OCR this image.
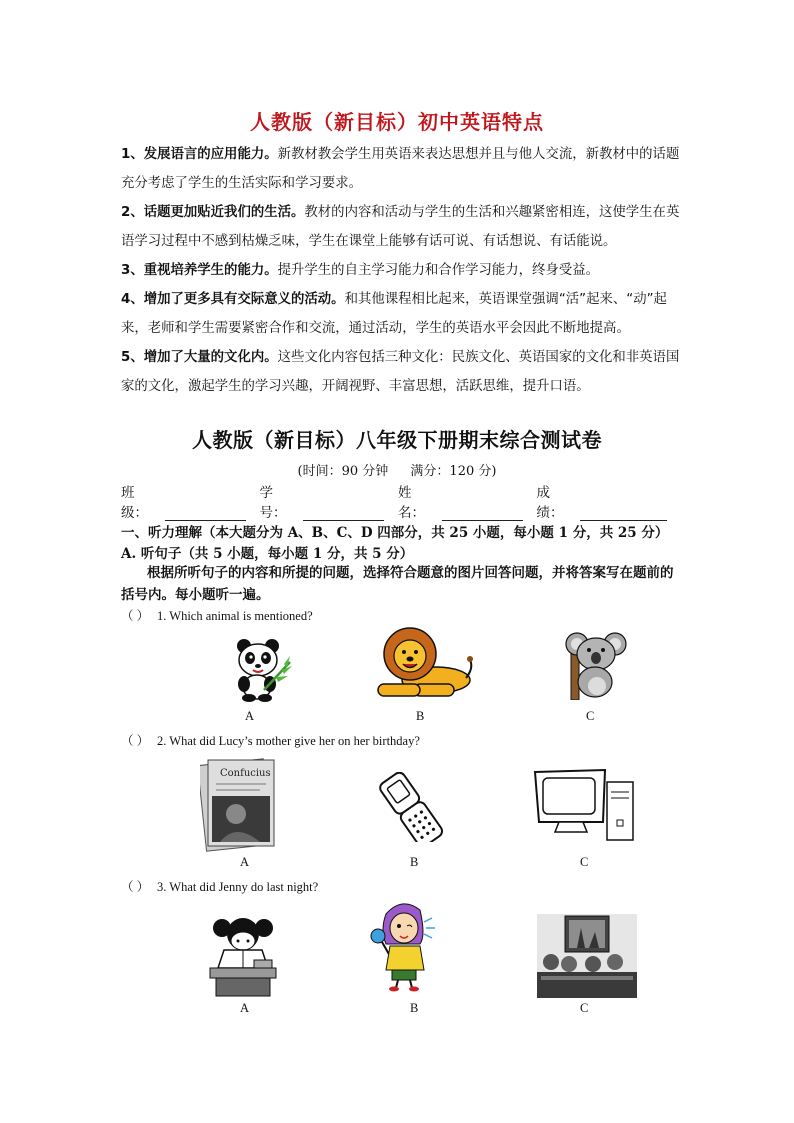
人教版（新目标）初中英语特点
1、发展语言的应用能力。新教材教会学生用英语来表达思想并且与他人交流，新教材中的话题充分考虑了学生的生活实际和学习要求。
2、话题更加贴近我们的生活。教材的内容和活动与学生的生活和兴趣紧密相连，这使学生在英语学习过程中不感到枯燥乏味，学生在课堂上能够有话可说、有话想说、有话能说。
3、重视培养学生的能力。提升学生的自主学习能力和合作学习能力，终身受益。
4、增加了更多具有交际意义的活动。和其他课程相比起来，英语课堂强调“活”起来、“动”起来，老师和学生需要紧密合作和交流，通过活动，学生的英语水平会因此不断地提高。
5、增加了大量的文化内。这些文化内容包括三种文化：民族文化、英语国家的文化和非英语国家的文化，激起学生的学习兴趣，开阔视野、丰富思想，活跃思维，提升口语。
人教版（新目标）八年级下册期末综合测试卷
(时间：90 分钟 满分：120 分)
班级：
学号：
姓名：
成绩：
一、听力理解（本大题分为 A、B、C、D 四部分，共 25 小题，每小题 1 分，共 25 分）
A. 听句子（共 5 小题，每小题 1 分，共 5 分）
根据所听句子的内容和所提的问题，选择符合题意的图片回答问题，并将答案写在题前的括号内。每小题听一遍。
（ ） 1. Which animal is mentioned?
A	B	C
（ ） 2. What did Lucy’s mother give her on her birthday?
Confucius
A	B	C
（ ） 3. What did Jenny do last night?
A	B	C
